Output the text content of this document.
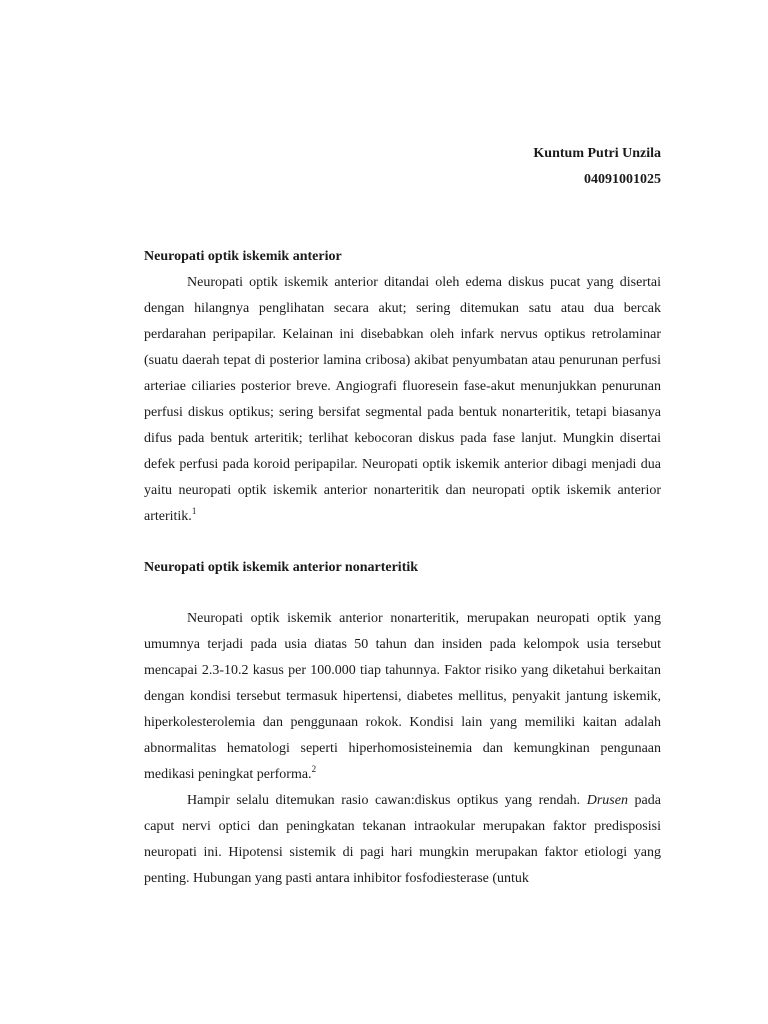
Kuntum Putri Unzila
04091001025

Neuropati optik iskemik anterior

Neuropati optik iskemik anterior ditandai oleh edema diskus pucat yang disertai dengan hilangnya penglihatan secara akut; sering ditemukan satu atau dua bercak perdarahan peripapilar. Kelainan ini disebabkan oleh infark nervus optikus retrolaminar (suatu daerah tepat di posterior lamina cribosa) akibat penyumbatan atau penurunan perfusi arteriae ciliaries posterior breve. Angiografi fluoresein fase-akut menunjukkan penurunan perfusi diskus optikus; sering bersifat segmental pada bentuk nonarteritik, tetapi biasanya difus pada bentuk arteritik; terlihat kebocoran diskus pada fase lanjut. Mungkin disertai defek perfusi pada koroid peripapilar. Neuropati optik iskemik anterior dibagi menjadi dua yaitu neuropati optik iskemik anterior nonarteritik dan neuropati optik iskemik anterior arteritik.$^1$

Neuropati optik iskemik anterior nonarteritik

Neuropati optik iskemik anterior nonarteritik, merupakan neuropati optik yang umumnya terjadi pada usia diatas 50 tahun dan insiden pada kelompok usia tersebut mencapai 2.3-10.2 kasus per 100.000 tiap tahunnya. Faktor risiko yang diketahui berkaitan dengan kondisi tersebut termasuk hipertensi, diabetes mellitus, penyakit jantung iskemik, hiperkolesterolemia dan penggunaan rokok. Kondisi lain yang memiliki kaitan adalah abnormalitas hematologi seperti hiperhomosisteinemia dan kemungkinan pengunaan medikasi peningkat performa.$^2$

Hampir selalu ditemukan rasio cawan:diskus optikus yang rendah. Drusen pada caput nervi optici dan peningkatan tekanan intraokular merupakan faktor predisposisi neuropati ini. Hipotensi sistemik di pagi hari mungkin merupakan faktor etiologi yang penting. Hubungan yang pasti antara inhibitor fosfodiesterase (untuk
